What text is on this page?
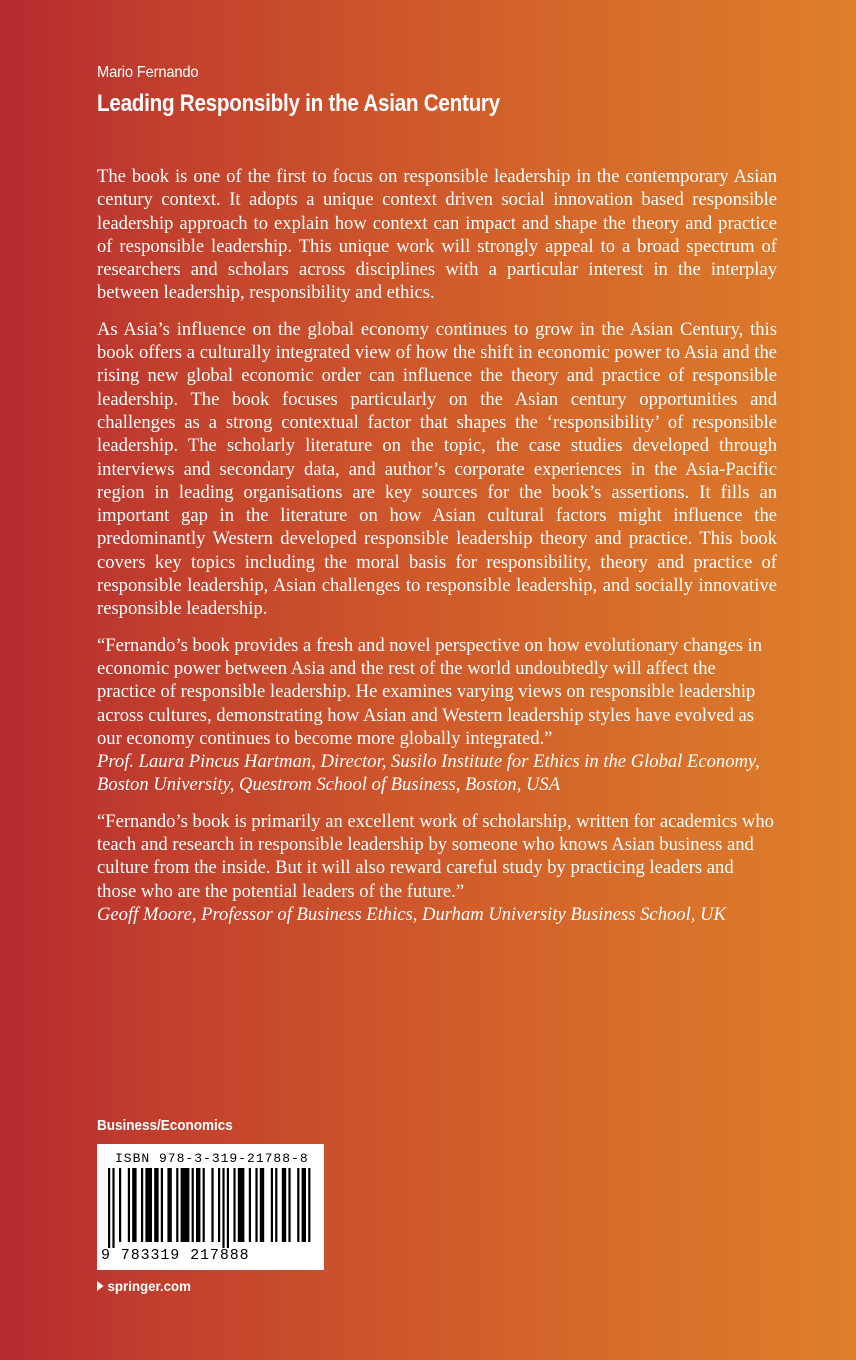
Mario Fernando
Leading Responsibly in the Asian Century

The book is one of the first to focus on responsible leadership in the contemporary Asian century context. It adopts a unique context driven social innovation based responsible leadership approach to explain how context can impact and shape the theory and practice of responsible leadership. This unique work will strongly appeal to a broad spectrum of researchers and scholars across disciplines with a particular interest in the interplay between leadership, responsibility and ethics.

As Asia’s influence on the global economy continues to grow in the Asian Century, this book offers a culturally integrated view of how the shift in economic power to Asia and the rising new global economic order can influence the theory and practice of responsible leadership. The book focuses particularly on the Asian century opportunities and challenges as a strong contextual factor that shapes the ‘responsibility’ of responsible leadership. The scholarly literature on the topic, the case studies developed through interviews and secondary data, and author’s corporate experiences in the Asia-Pacific region in leading organisations are key sources for the book’s assertions. It fills an important gap in the literature on how Asian cultural factors might influence the predominantly Western developed responsible leadership theory and practice. This book covers key topics including the moral basis for responsibility, theory and practice of responsible leadership, Asian challenges to responsible leadership, and socially innovative responsible leadership.

“Fernando’s book provides a fresh and novel perspective on how evolutionary changes in economic power between Asia and the rest of the world undoubtedly will affect the practice of responsible leadership. He examines varying views on responsible leadership across cultures, demonstrating how Asian and Western leadership styles have evolved as our economy continues to become more globally integrated.”

Prof. Laura Pincus Hartman, Director, Susilo Institute for Ethics in the Global Economy, Boston University, Questrom School of Business, Boston, USA

“Fernando’s book is primarily an excellent work of scholarship, written for academics who teach and research in responsible leadership by someone who knows Asian business and culture from the inside. But it will also reward careful study by practicing leaders and those who are the potential leaders of the future.”

Geoff Moore, Professor of Business Ethics, Durham University Business School, UK
Business/Economics
ISBN 978-3-319-21788-8
9 783319 217888
springer.com
